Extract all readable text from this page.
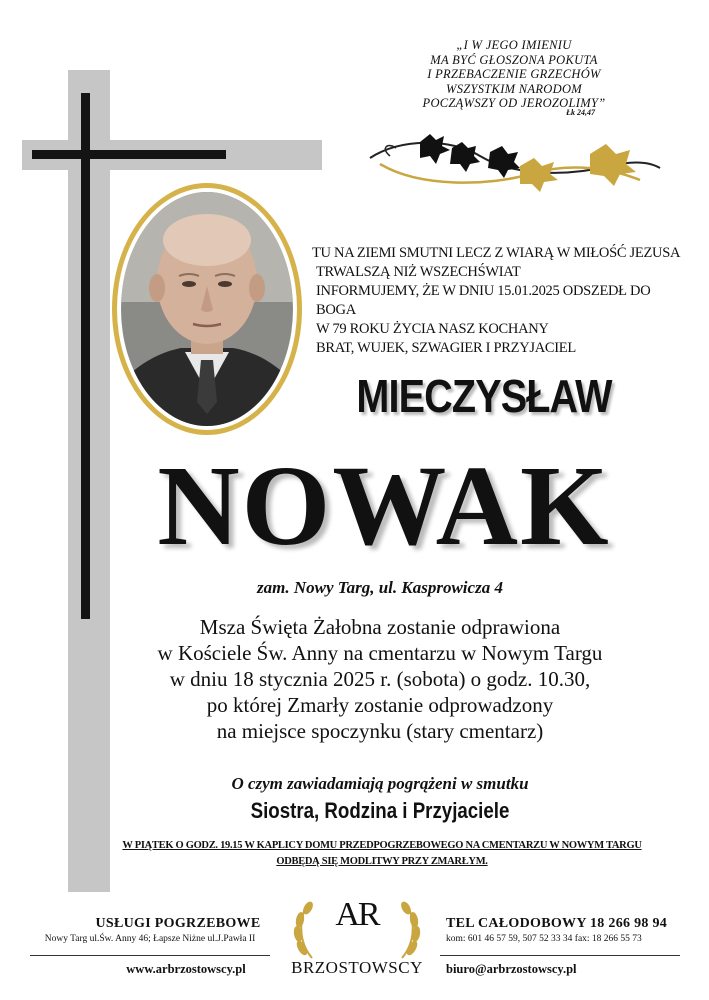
„I W JEGO IMIENIU
MA BYĆ GŁOSZONA POKUTA
I PRZEBACZENIE GRZECHÓW
WSZYSTKIM NARODOM
POCZĄWSZY OD JEROZOLIMY”
Łk 24,47
TU NA ZIEMI SMUTNI LECZ Z WIARĄ W MIŁOŚĆ JEZUSA
TRWALSZĄ NIŻ WSZECHŚWIAT
INFORMUJEMY, ŻE W DNIU 15.01.2025 ODSZEDŁ DO BOGA
W 79 ROKU ŻYCIA NASZ KOCHANY
BRAT, WUJEK, SZWAGIER I PRZYJACIEL
MIECZYSŁAW
NOWAK
zam. Nowy Targ, ul. Kasprowicza 4
Msza Święta Żałobna zostanie odprawiona
w Kościele Św. Anny na cmentarzu w Nowym Targu
w dniu 18 stycznia 2025 r. (sobota) o godz. 10.30,
po której Zmarły zostanie odprowadzony
na miejsce spoczynku (stary cmentarz)
O czym zawiadamiają pogrążeni w smutku
Siostra, Rodzina i Przyjaciele
W PIĄTEK O GODZ. 19.15 W KAPLICY DOMU PRZEDPOGRZEBOWEGO NA CMENTARZU W NOWYM TARGU
ODBĘDĄ SIĘ MODLITWY PRZY ZMARŁYM.
USŁUGI POGRZEBOWE
Nowy Targ ul.Św. Anny 46; Łapsze Niżne ul.J.Pawła II
www.arbrzostowscy.pl
AR
BRZOSTOWSCY
TEL CAŁODOBOWY 18 266 98 94
kom: 601 46 57 59, 507 52 33 34 fax: 18 266 55 73
biuro@arbrzostowscy.pl
